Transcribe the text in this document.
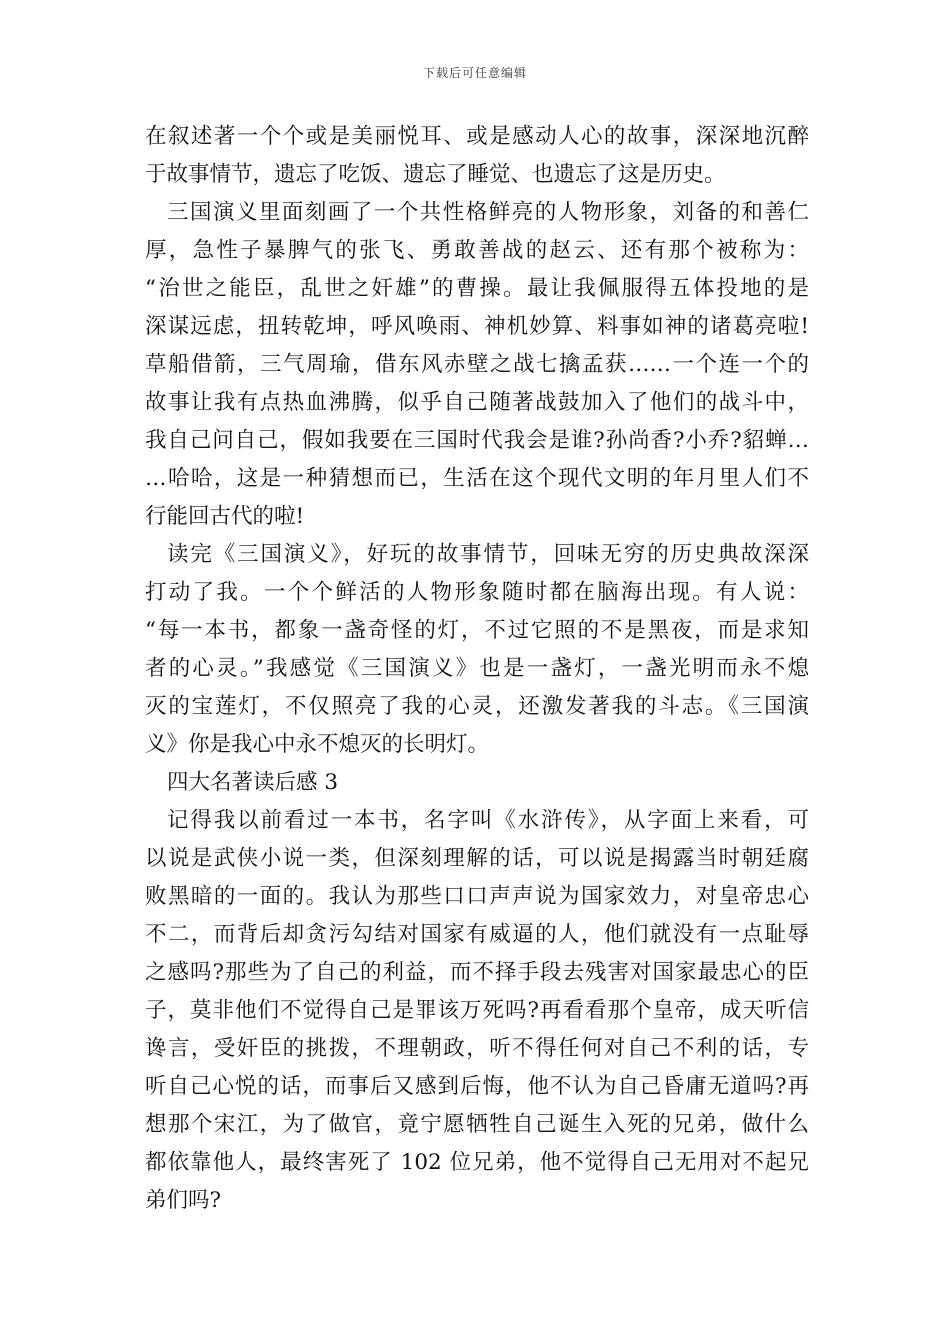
下载后可任意编辑
在叙述著一个个或是美丽悦耳、或是感动人心的故事，深深地沉醉
于故事情节，遗忘了吃饭、遗忘了睡觉、也遗忘了这是历史。
三国演义里面刻画了一个共性格鲜亮的人物形象，刘备的和善仁
厚，急性子暴脾气的张飞、勇敢善战的赵云、还有那个被称为：
“治世之能臣，乱世之奸雄”的曹操。最让我佩服得五体投地的是
深谋远虑，扭转乾坤，呼风唤雨、神机妙算、料事如神的诸葛亮啦!
草船借箭，三气周瑜，借东风赤壁之战七擒孟获……一个连一个的
故事让我有点热血沸腾，似乎自己随著战鼓加入了他们的战斗中，
我自己问自己，假如我要在三国时代我会是谁?孙尚香?小乔?貂蝉…
…哈哈，这是一种猜想而已，生活在这个现代文明的年月里人们不
行能回古代的啦!
读完《三国演义》，好玩的故事情节，回味无穷的历史典故深深
打动了我。一个个鲜活的人物形象随时都在脑海出现。有人说：
“每一本书，都象一盏奇怪的灯，不过它照的不是黑夜，而是求知
者的心灵。”我感觉《三国演义》也是一盏灯，一盏光明而永不熄
灭的宝莲灯，不仅照亮了我的心灵，还激发著我的斗志。《三国演
义》你是我心中永不熄灭的长明灯。
四大名著读后感 3
记得我以前看过一本书，名字叫《水浒传》，从字面上来看，可
以说是武侠小说一类，但深刻理解的话，可以说是揭露当时朝廷腐
败黑暗的一面的。我认为那些口口声声说为国家效力，对皇帝忠心
不二，而背后却贪污勾结对国家有威逼的人，他们就没有一点耻辱
之感吗?那些为了自己的利益，而不择手段去残害对国家最忠心的臣
子，莫非他们不觉得自己是罪该万死吗?再看看那个皇帝，成天听信
谗言，受奸臣的挑拨，不理朝政，听不得任何对自己不利的话，专
听自己心悦的话，而事后又感到后悔，他不认为自己昏庸无道吗?再
想那个宋江，为了做官，竟宁愿牺牲自己诞生入死的兄弟，做什么
都依靠他人，最终害死了 102 位兄弟，他不觉得自己无用对不起兄
弟们吗?
